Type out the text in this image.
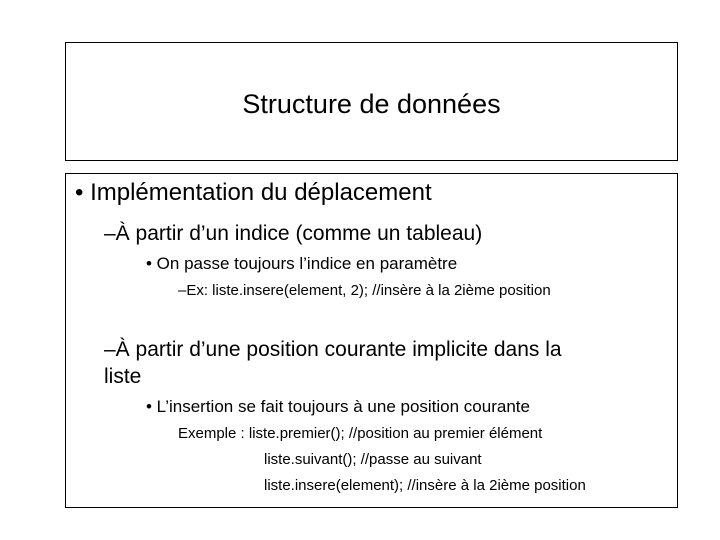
Structure de données
• Implémentation du déplacement
–À partir d’un indice (comme un tableau)
• On passe toujours l’indice en paramètre
–Ex: liste.insere(element, 2); //insère à la 2ième position
–À partir d’une position courante implicite dans la
liste
• L’insertion se fait toujours à une position courante
Exemple : liste.premier(); //position au premier élément
liste.suivant(); //passe au suivant
liste.insere(element); //insère à la 2ième position
